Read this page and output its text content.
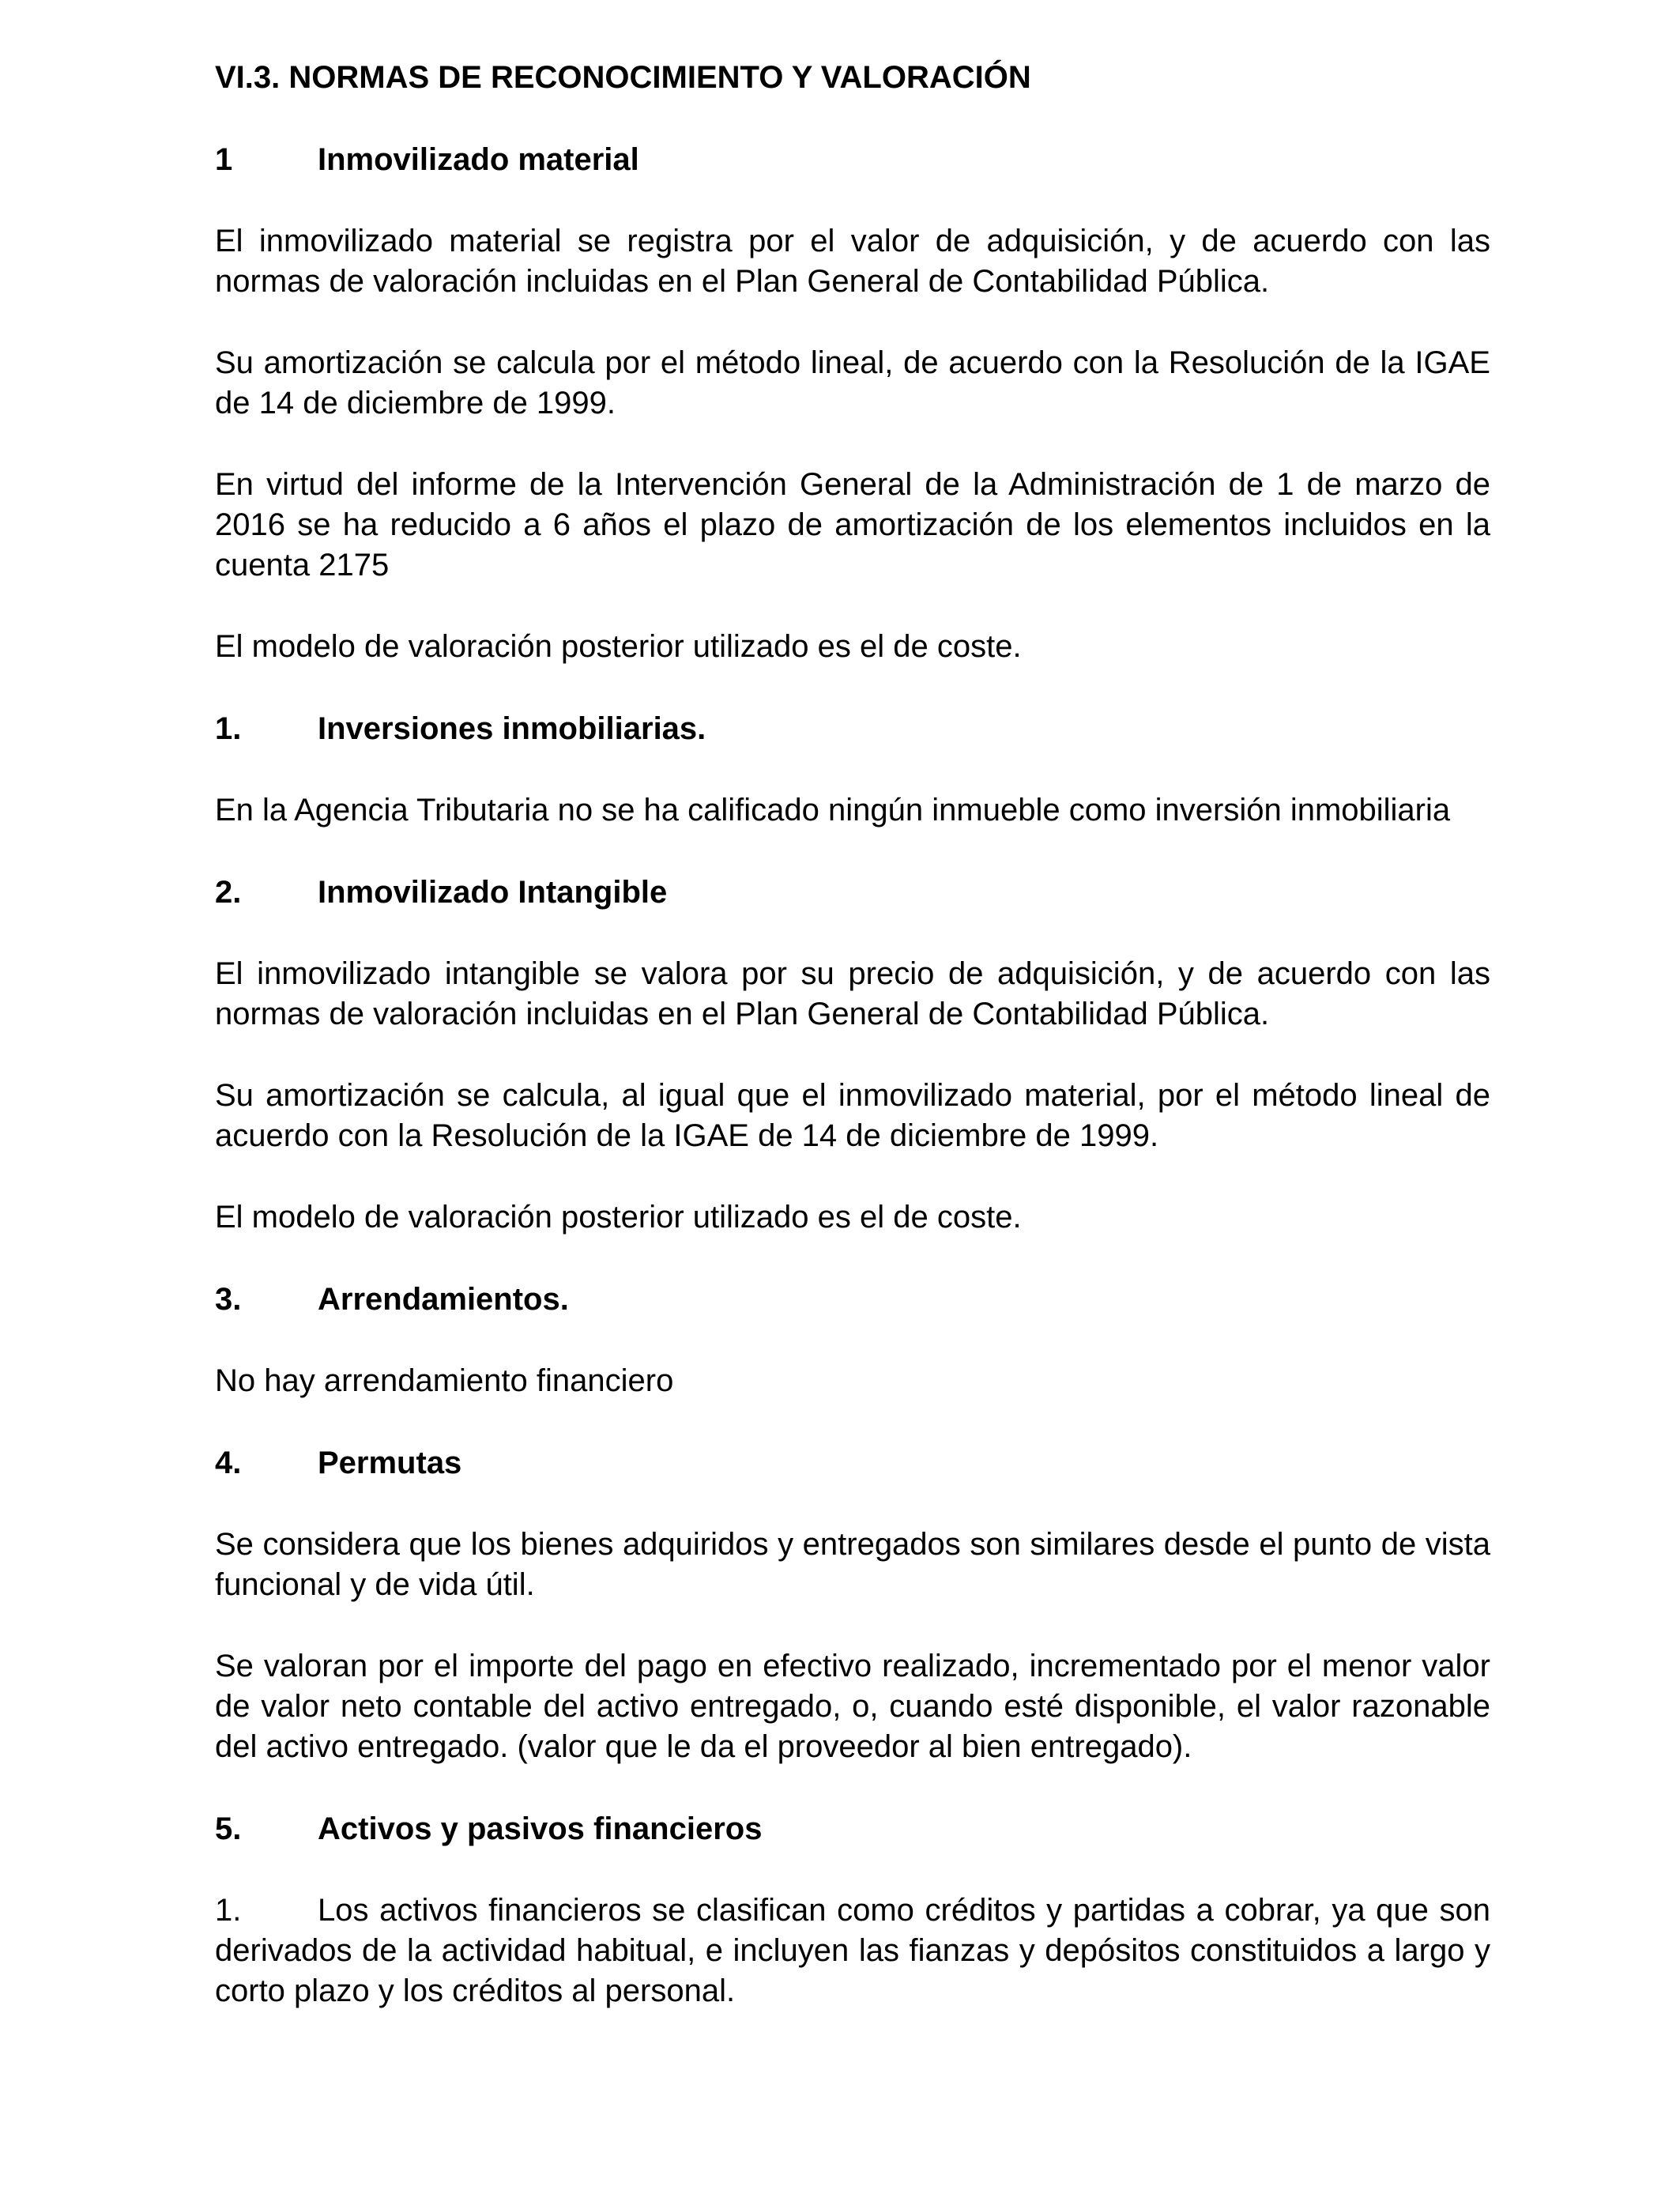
VI.3. NORMAS DE RECONOCIMIENTO Y VALORACIÓN
1	Inmovilizado material

El inmovilizado material se registra por el valor de adquisición, y de acuerdo con las normas de valoración incluidas en el Plan General de Contabilidad Pública.

Su amortización se calcula por el método lineal, de acuerdo con la Resolución de la IGAE de 14 de diciembre de 1999.

En virtud del informe de la Intervención General de la Administración de 1 de marzo de 2016 se ha reducido a 6 años el plazo de amortización de los elementos incluidos en la cuenta 2175

El modelo de valoración posterior utilizado es el de coste.

1.	Inversiones inmobiliarias.

En la Agencia Tributaria no se ha calificado ningún inmueble como inversión inmobiliaria

2.	Inmovilizado Intangible

El inmovilizado intangible se valora por su precio de adquisición, y de acuerdo con las normas de valoración incluidas en el Plan General de Contabilidad Pública.

Su amortización se calcula, al igual que el inmovilizado material, por el método lineal de acuerdo con la Resolución de la IGAE de 14 de diciembre de 1999.

El modelo de valoración posterior utilizado es el de coste.

3.	Arrendamientos.

No hay arrendamiento financiero

4.	Permutas

Se considera que los bienes adquiridos y entregados son similares desde el punto de vista funcional y de vida útil.

Se valoran por el importe del pago en efectivo realizado, incrementado por el menor valor de valor neto contable del activo entregado, o, cuando esté disponible, el valor razonable del activo entregado. (valor que le da el proveedor al bien entregado).

5.	Activos y pasivos financieros

1. Los activos financieros se clasifican como créditos y partidas a cobrar, ya que son derivados de la actividad habitual, e incluyen las fianzas y depósitos constituidos a largo y corto plazo y los créditos al personal.
